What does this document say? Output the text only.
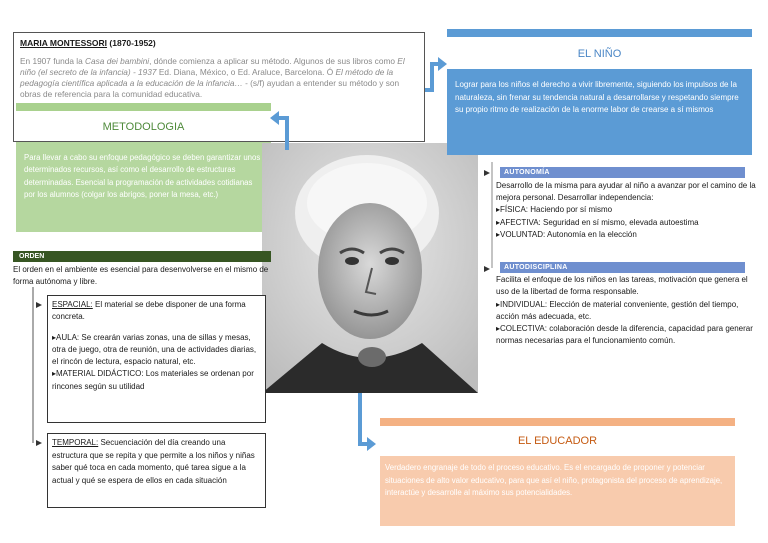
MARIA MONTESSORI (1870-1952)
En 1907 funda la Casa dei bambini, dónde comienza a aplicar su método. Algunos de sus libros como El niño (el secreto de la infancia) - 1937 Ed. Diana, México, o Ed. Araluce, Barcelona. Ó El método de la pedagogía científica aplicada a la educación de la infancia… - (s/f) ayudan a entender su método y son obras de referencia para la comunidad educativa.
METODOLOGIA
Para llevar a cabo su enfoque pedagógico se deben garantizar unos determinados recursos, así como el desarrollo de estructuras determinadas. Esencial la programación de actividades cotidianas por los alumnos (colgar los abrigos, poner la mesa, etc.)
EL NIÑO
Lograr para los niños el derecho a vivir libremente, siguiendo los impulsos de la naturaleza, sin frenar su tendencia natural a desarrollarse y respetando siempre su propio ritmo de realización de la enorme labor de crearse a sí mismos
AUTONOMÍA
Desarrollo de la misma para ayudar al niño a avanzar por el camino de la mejora personal. Desarrollar independencia:
▸FÍSICA: Haciendo por sí mismo
▸AFECTIVA: Seguridad en sí mismo, elevada autoestima
▸VOLUNTAD: Autonomía en la elección
AUTODISCIPLINA
Facilita el enfoque de los niños en las tareas, motivación que genera el uso de la libertad de forma responsable.
▸INDIVIDUAL: Elección de material conveniente, gestión del tiempo, acción más adecuada, etc.
▸COLECTIVA: colaboración desde la diferencia, capacidad para generar normas necesarias para el funcionamiento común.
ORDEN
El orden en el ambiente es esencial para desenvolverse en el mismo de forma autónoma y libre.
ESPACIAL: El material se debe disponer de una forma concreta.
▸AULA: Se crearán varias zonas, una de sillas y mesas, otra de juego, otra de reunión, una de actividades diarias, el rincón de lectura, espacio natural, etc.
▸MATERIAL DIDÁCTICO: Los materiales se ordenan por rincones según su utilidad
TEMPORAL: Secuenciación del día creando una estructura que se repita y que permite a los niños y niñas saber qué toca en cada momento, qué tarea sigue a la actual y qué se espera de ellos en cada situación
EL EDUCADOR
Verdadero engranaje de todo el proceso educativo. Es el encargado de proponer y potenciar situaciones de alto valor educativo, para que así el niño, protagonista del proceso de aprendizaje, interactúe y desarrolle al máximo sus potencialidades.
